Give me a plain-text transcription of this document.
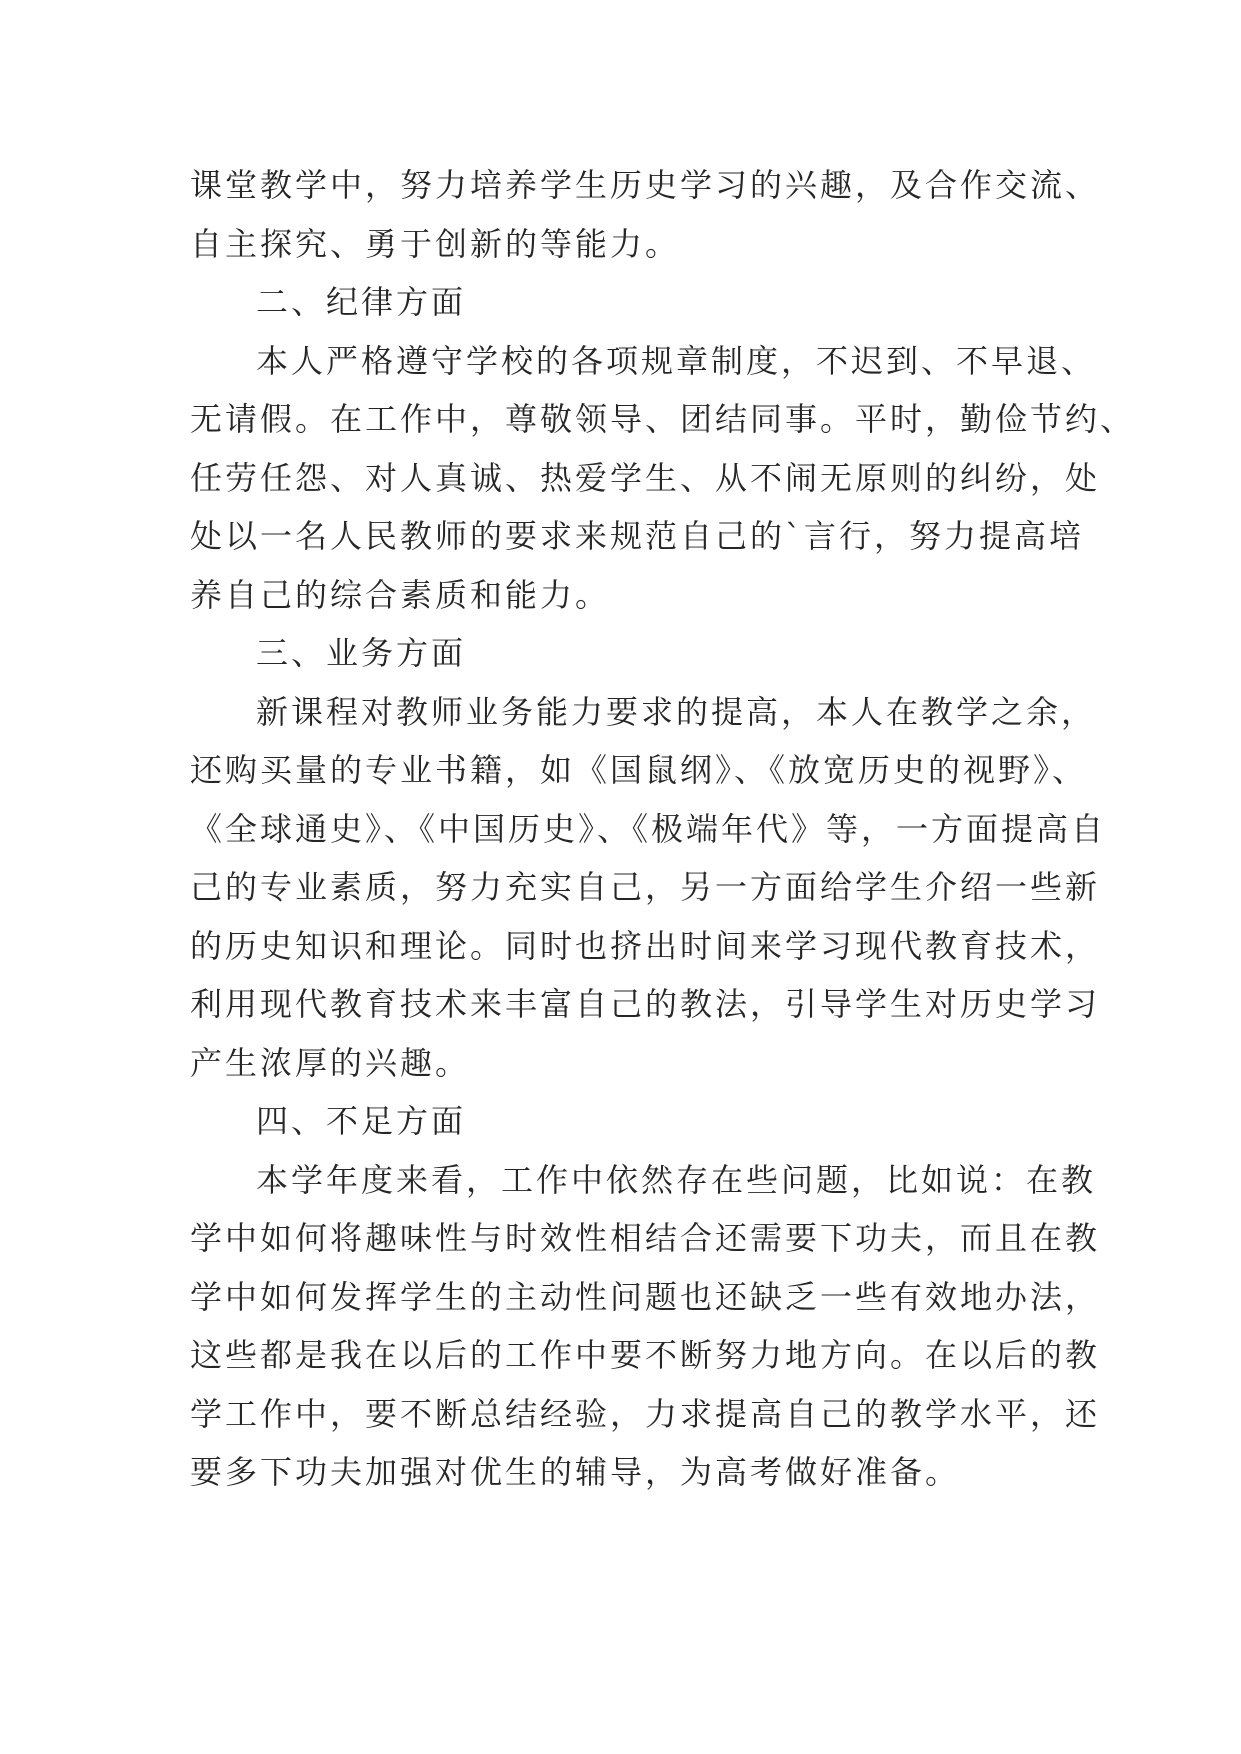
课堂教学中，努力培养学生历史学习的兴趣，及合作交流、
自主探究、勇于创新的等能力。
二、纪律方面
本人严格遵守学校的各项规章制度，不迟到、不早退、
无请假。在工作中，尊敬领导、团结同事。平时，勤俭节约、
任劳任怨、对人真诚、热爱学生、从不闹无原则的纠纷，处
处以一名人民教师的要求来规范自己的`言行，努力提高培
养自己的综合素质和能力。
三、业务方面
新课程对教师业务能力要求的提高，本人在教学之余，
还购买量的专业书籍，如《国鼠纲》、《放宽历史的视野》、
《全球通史》、《中国历史》、《极端年代》等，一方面提高自
己的专业素质，努力充实自己，另一方面给学生介绍一些新
的历史知识和理论。同时也挤出时间来学习现代教育技术，
利用现代教育技术来丰富自己的教法，引导学生对历史学习
产生浓厚的兴趣。
四、不足方面
本学年度来看，工作中依然存在些问题，比如说：在教
学中如何将趣味性与时效性相结合还需要下功夫，而且在教
学中如何发挥学生的主动性问题也还缺乏一些有效地办法，
这些都是我在以后的工作中要不断努力地方向。在以后的教
学工作中，要不断总结经验，力求提高自己的教学水平，还
要多下功夫加强对优生的辅导，为高考做好准备。
